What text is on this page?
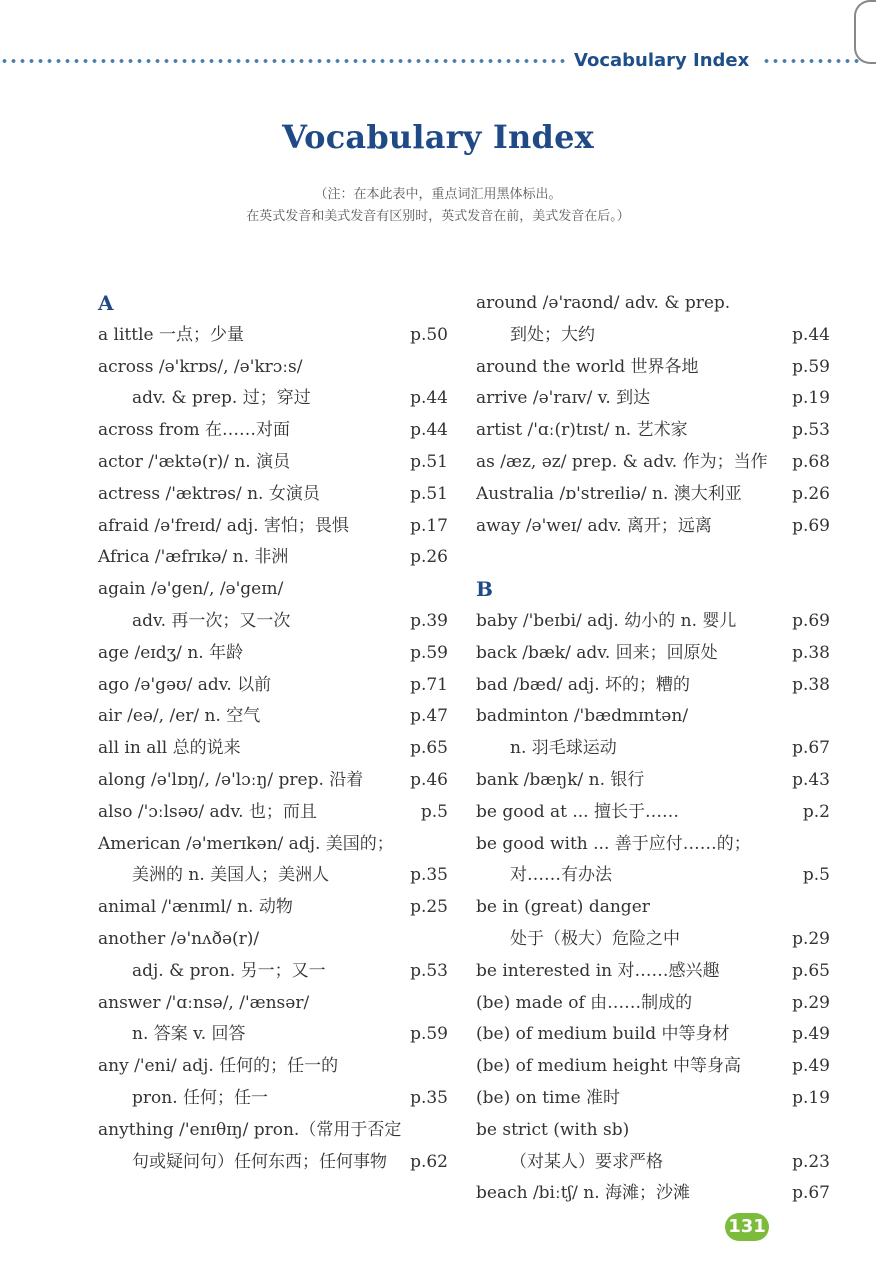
Vocabulary Index
Vocabulary Index
（注：在本此表中，重点词汇用黑体标出。
在英式发音和美式发音有区别时，英式发音在前，美式发音在后。）
A
a little 一点；少量	p.50
across /ə'krɒs/, /ə'krɔːs/
adv. & prep. 过；穿过	p.44
across from 在……对面	p.44
actor /'æktə(r)/ n. 演员	p.51
actress /'æktrəs/ n. 女演员	p.51
afraid /ə'freɪd/ adj. 害怕；畏惧	p.17
Africa /'æfrɪkə/ n. 非洲	p.26
again /ə'gen/, /ə'geɪn/
adv. 再一次；又一次	p.39
age /eɪdʒ/ n. 年龄	p.59
ago /ə'gəʊ/ adv. 以前	p.71
air /eə/, /er/ n. 空气	p.47
all in all 总的说来	p.65
along /ə'lɒŋ/, /ə'lɔːŋ/ prep. 沿着	p.46
also /'ɔːlsəʊ/ adv. 也；而且	p.5
American /ə'merɪkən/ adj. 美国的；
美洲的 n. 美国人；美洲人	p.35
animal /'ænɪml/ n. 动物	p.25
another /ə'nʌðə(r)/
adj. & pron. 另一；又一	p.53
answer /'ɑːnsə/, /'ænsər/
n. 答案 v. 回答	p.59
any /'eni/ adj. 任何的；任一的
pron. 任何；任一	p.35
anything /'enɪθɪŋ/ pron.（常用于否定
句或疑问句）任何东西；任何事物 p.62
around /ə'raʊnd/ adv. & prep.
到处；大约	p.44
around the world 世界各地	p.59
arrive /ə'raɪv/ v. 到达	p.19
artist /'ɑː(r)tɪst/ n. 艺术家	p.53
as /æz, əz/ prep. & adv. 作为；当作 p.68
Australia /ɒ'streɪliə/ n. 澳大利亚	p.26
away /ə'weɪ/ adv. 离开；远离	p.69
B
baby /'beɪbi/ adj. 幼小的 n. 婴儿	p.69
back /bæk/ adv. 回来；回原处	p.38
bad /bæd/ adj. 坏的；糟的	p.38
badminton /'bædmɪntən/
n. 羽毛球运动	p.67
bank /bæŋk/ n. 银行	p.43
be good at ... 擅长于……	p.2
be good with ... 善于应付……的；
对……有办法	p.5
be in (great) danger
处于（极大）危险之中	p.29
be interested in 对……感兴趣	p.65
(be) made of 由……制成的	p.29
(be) of medium build 中等身材	p.49
(be) of medium height 中等身高	p.49
(be) on time 准时	p.19
be strict (with sb)
（对某人）要求严格	p.23
beach /biːtʃ/ n. 海滩；沙滩	p.67
131
